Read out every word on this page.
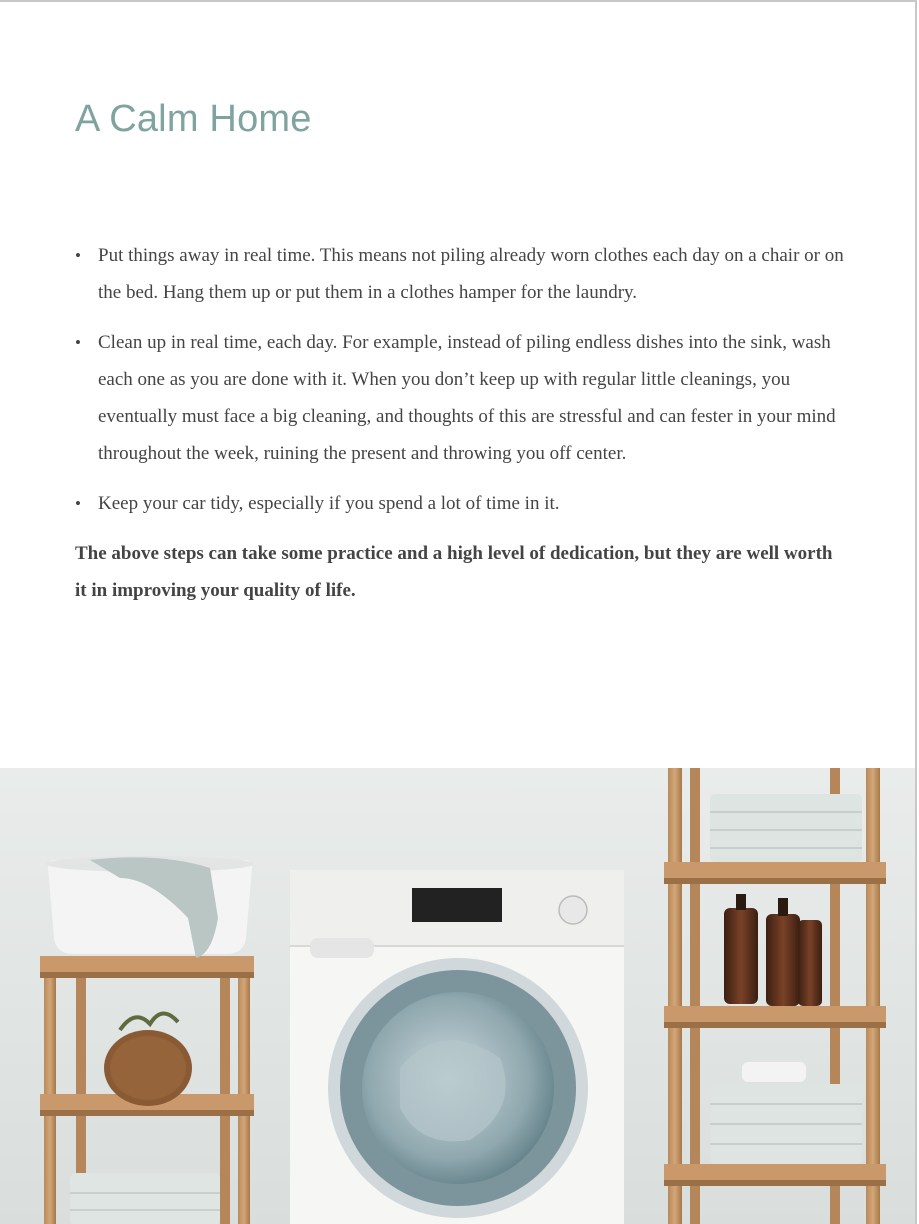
A Calm Home
• Put things away in real time. This means not piling already worn clothes each day on a chair or on the bed. Hang them up or put them in a clothes hamper for the laundry.
• Clean up in real time, each day. For example, instead of piling endless dishes into the sink, wash each one as you are done with it. When you don’t keep up with regular little cleanings, you eventually must face a big cleaning, and thoughts of this are stressful and can fester in your mind throughout the week, ruining the present and throwing you off center.
• Keep your car tidy, especially if you spend a lot of time in it.

The above steps can take some practice and a high level of dedication, but they are well worth it in improving your quality of life.
